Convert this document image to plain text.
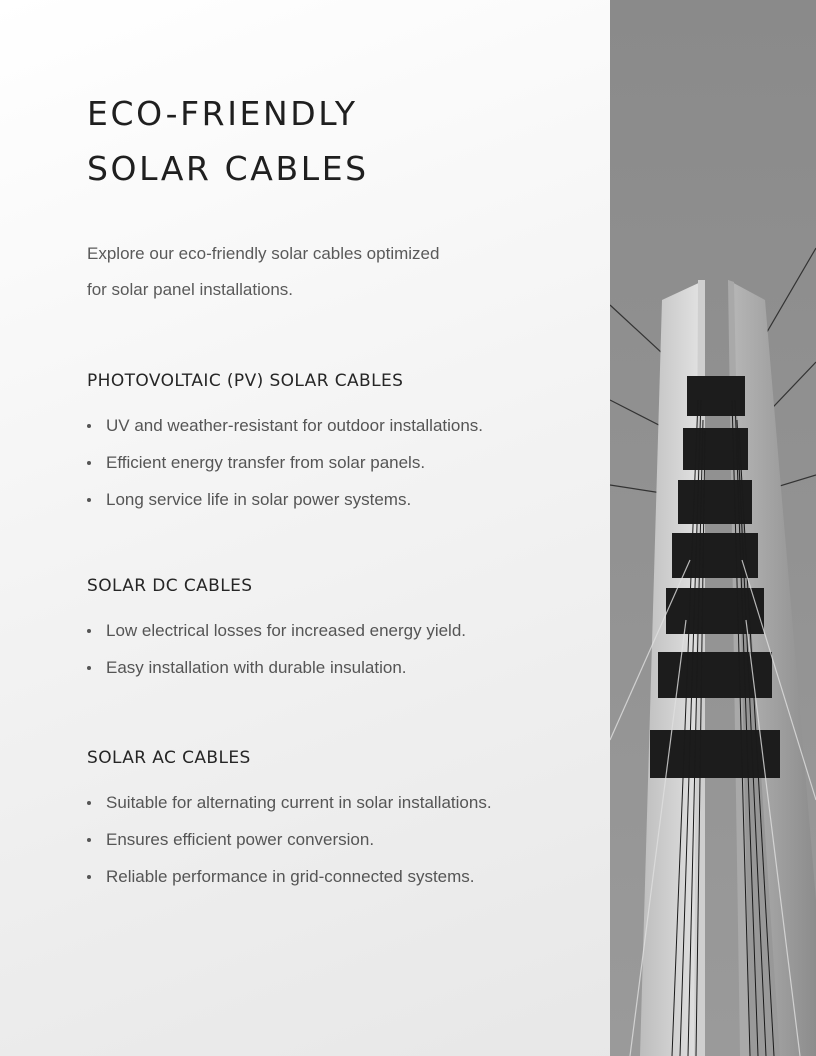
ECO-FRIENDLY
SOLAR CABLES

Explore our eco-friendly solar cables optimized
for solar panel installations.

PHOTOVOLTAIC (PV) SOLAR CABLES
UV and weather-resistant for outdoor installations.
Efficient energy transfer from solar panels.
Long service life in solar power systems.
SOLAR DC CABLES
Low electrical losses for increased energy yield.
Easy installation with durable insulation.
SOLAR AC CABLES
Suitable for alternating current in solar installations.
Ensures efficient power conversion.
Reliable performance in grid-connected systems.
